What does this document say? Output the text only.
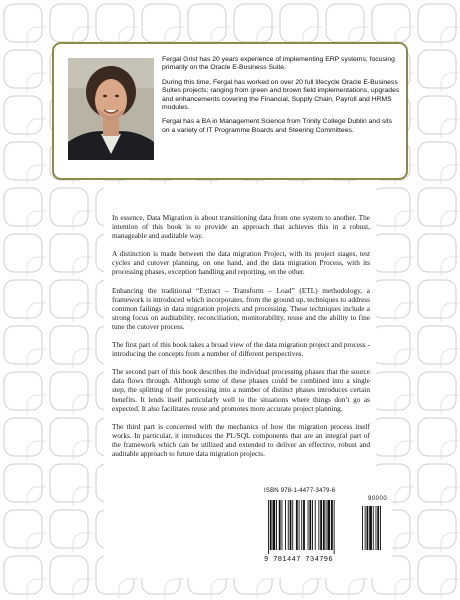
Fergal Grist has 20 years experience of implementing ERP systems; focusing primarily on the Oracle E-Business Suite.

During this time, Fergal has worked on over 20 full lifecycle Oracle E-Business Suites projects; ranging from green and brown field implementations, upgrades and enhancements covering the Financial, Supply Chain, Payroll and HRMS modules.

Fergal has a BA in Management Science from Trinity College Dublin and sits on a variety of IT Programme Boards and Steering Committees.

In essence, Data Migration is about transitioning data from one system to another. The intention of this book is to provide an approach that achieves this in a robust, manageable and auditable way.

A distinction is made between the data migration Project, with its project stages, test cycles and cutover planning, on one hand, and the data migration Process, with its processing phases, exception handling and reporting, on the other.

Enhancing the traditional “Extract – Transform – Load” (ETL) methodology, a framework is introduced which incorporates, from the ground up, techniques to address common failings in data migration projects and processing. These techniques include a strong focus on auditability, reconciliation, monitorability, reuse and the ability to fine tune the cutover process.

The first part of this book takes a broad view of the data migration project and process - introducing the concepts from a number of different perspectives.

The second part of this book describes the individual processing phases that the source data flows through. Although some of these phases could be combined into a single step, the splitting of the processing into a number of distinct phases introduces certain benefits. It lends itself particularly well to the situations where things don’t go as expected. It also facilitates reuse and promotes more accurate project planning.

The third part is concerned with the mechanics of how the migration process itself works. In particular, it introduces the PL/SQL components that are an integral part of the framework which can be utilized and extended to deliver an effective, robust and auditable approach to future data migration projects.

ISBN 978-1-4477-3479-6
90000
9 781447 734796
